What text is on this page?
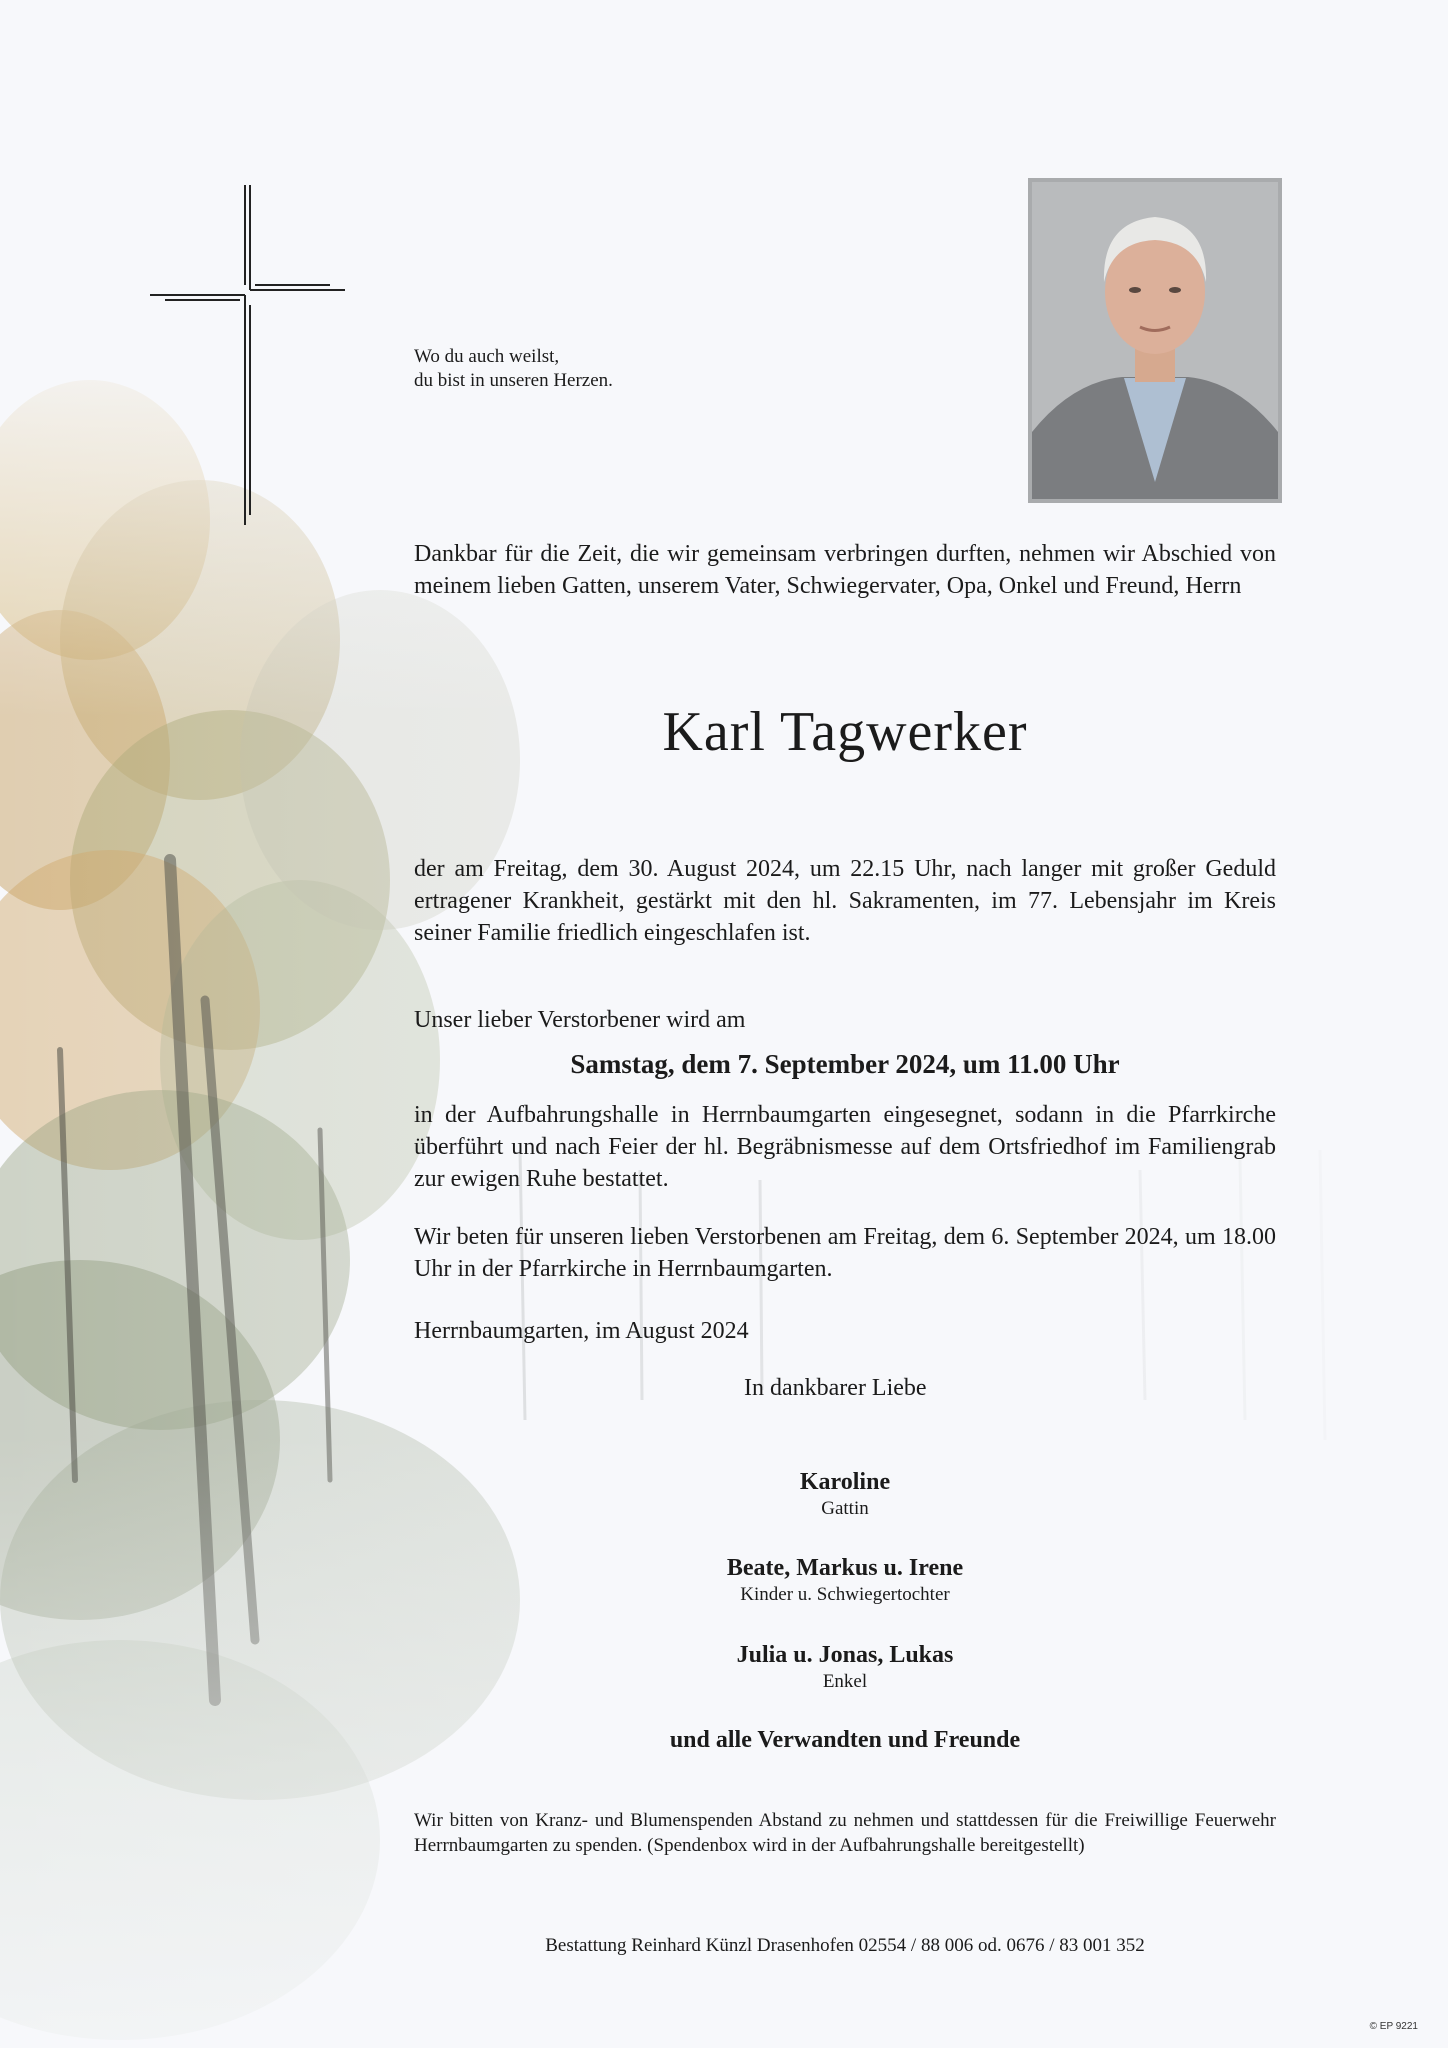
Wo du auch weilst,
du bist in unseren Herzen.
Dankbar für die Zeit, die wir gemeinsam verbringen durften, nehmen wir Abschied von meinem lieben Gatten, unserem Vater, Schwiegervater, Opa, Onkel und Freund, Herrn
Karl Tagwerker
der am Freitag, dem 30. August 2024, um 22.15 Uhr, nach langer mit großer Geduld ertragener Krankheit, gestärkt mit den hl. Sakramenten, im 77. Lebensjahr im Kreis seiner Familie friedlich eingeschlafen ist.
Unser lieber Verstorbener wird am
Samstag, dem 7. September 2024, um 11.00 Uhr
in der Aufbahrungshalle in Herrnbaumgarten eingesegnet, sodann in die Pfarrkirche überführt und nach Feier der hl. Begräbnismesse auf dem Ortsfriedhof im Familiengrab zur ewigen Ruhe bestattet.
Wir beten für unseren lieben Verstorbenen am Freitag, dem 6. September 2024, um 18.00 Uhr in der Pfarrkirche in Herrnbaumgarten.
Herrnbaumgarten, im August 2024
In dankbarer Liebe
Karoline
Gattin
Beate, Markus u. Irene
Kinder u. Schwiegertochter
Julia u. Jonas, Lukas
Enkel
und alle Verwandten und Freunde
Wir bitten von Kranz- und Blumenspenden Abstand zu nehmen und stattdessen für die Freiwillige Feuerwehr Herrnbaumgarten zu spenden. (Spendenbox wird in der Aufbahrungshalle bereitgestellt)
Bestattung Reinhard Künzl Drasenhofen 02554 / 88 006 od. 0676 / 83 001 352
© EP 9221
